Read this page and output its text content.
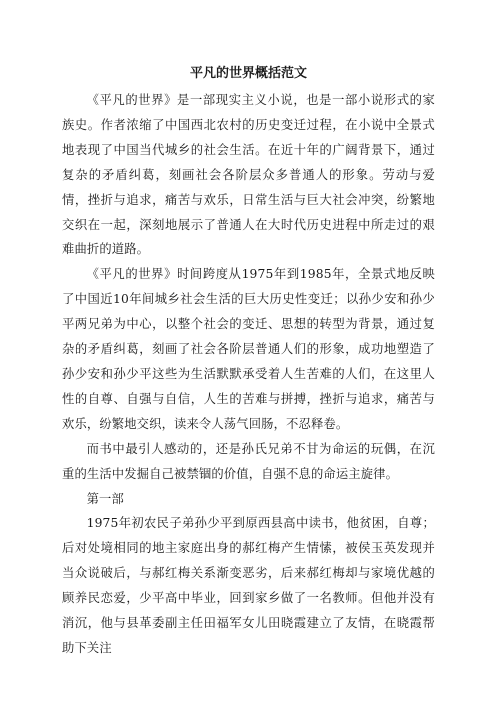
平凡的世界概括范文

《平凡的世界》是一部现实主义小说，也是一部小说形式的家族史。作者浓缩了中国西北农村的历史变迁过程，在小说中全景式地表现了中国当代城乡的社会生活。在近十年的广阔背景下，通过复杂的矛盾纠葛，刻画社会各阶层众多普通人的形象。劳动与爱情，挫折与追求，痛苦与欢乐，日常生活与巨大社会冲突，纷繁地交织在一起，深刻地展示了普通人在大时代历史进程中所走过的艰难曲折的道路。

《平凡的世界》时间跨度从1975年到1985年，全景式地反映了中国近10年间城乡社会生活的巨大历史性变迁；以孙少安和孙少平两兄弟为中心，以整个社会的变迁、思想的转型为背景，通过复杂的矛盾纠葛，刻画了社会各阶层普通人们的形象，成功地塑造了孙少安和孙少平这些为生活默默承受着人生苦难的人们，在这里人性的自尊、自强与自信，人生的苦难与拼搏，挫折与追求，痛苦与欢乐，纷繁地交织，读来令人荡气回肠，不忍释卷。

而书中最引人感动的，还是孙氏兄弟不甘为命运的玩偶，在沉重的生活中发掘自己被禁锢的价值，自强不息的命运主旋律。

第一部

1975年初农民子弟孙少平到原西县高中读书，他贫困，自尊；后对处境相同的地主家庭出身的郝红梅产生情愫，被侯玉英发现并当众说破后，与郝红梅关系渐变恶劣，后来郝红梅却与家境优越的顾养民恋爱，少平高中毕业，回到家乡做了一名教师。但他并没有消沉，他与县革委副主任田福军女儿田晓霞建立了友情，在晓霞帮助下关注
